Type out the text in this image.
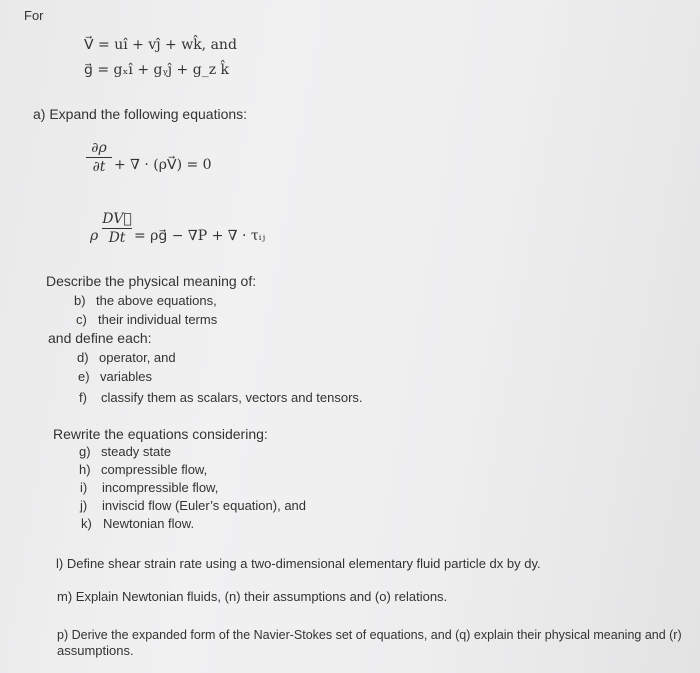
For
V⃗ = uî + vĵ + wk̂, and
g⃗ = gₓî + gᵧĵ + g_z k̂
a) Expand the following equations:
∂ρ
∂t + ∇ · (ρV⃗) = 0
ρ
DV⃗
Dt = ρg⃗ − ∇P + ∇ · τᵢⱼ
Describe the physical meaning of:
b) the above equations,
c) their individual terms
and define each:
d) operator, and
e) variables
f) classify them as scalars, vectors and tensors.
Rewrite the equations considering:
g) steady state
h) compressible flow,
i) incompressible flow,
j) inviscid flow (Euler’s equation), and
k) Newtonian flow.
l) Define shear strain rate using a two-dimensional elementary fluid particle dx by dy.
m) Explain Newtonian fluids, (n) their assumptions and (o) relations.
p) Derive the expanded form of the Navier-Stokes set of equations, and (q) explain their physical meaning and (r)
assumptions.
